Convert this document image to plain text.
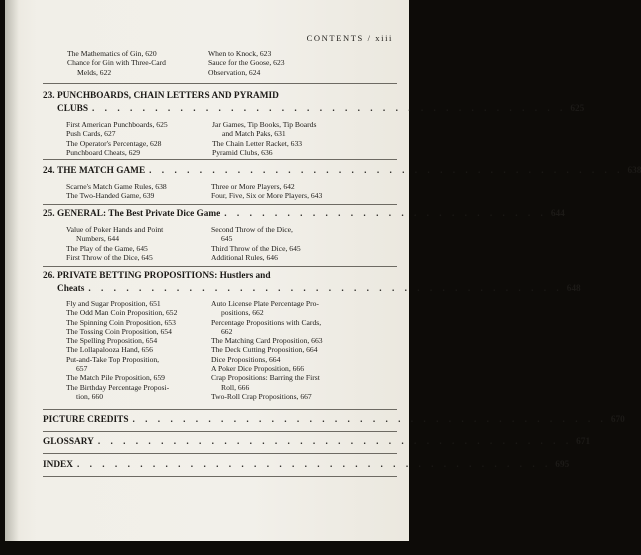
CONTENTS / xiii
The Mathematics of Gin, 620
Chance for Gin with Three-Card
Melds, 622
When to Knock, 623
Sauce for the Goose, 623
Observation, 624
23. PUNCHBOARDS, CHAIN LETTERS AND PYRAMID
CLUBS . . . . . . . . . . . . . . . . . . . . . . . . . . . . . . . . . . . . . . 625
First American Punchboards, 625
Push Cards, 627
The Operator's Percentage, 628
Punchboard Cheats, 629
Jar Games, Tip Books, Tip Boards
and Match Paks, 631
The Chain Letter Racket, 633
Pyramid Clubs, 636
24. THE MATCH GAME . . . . . . . . . . . . . . . . . . . . . . . . . . . . . . . . . . . . . . 638
Scarne's Match Game Rules, 638
The Two-Handed Game, 639
Three or More Players, 642
Four, Five, Six or More Players, 643
25. GENERAL: The Best Private Dice Game . . . . . . . . . . . . . . . . . . . . . . . . . . 644
Value of Poker Hands and Point
Numbers, 644
The Play of the Game, 645
First Throw of the Dice, 645
Second Throw of the Dice,
645
Third Throw of the Dice, 645
Additional Rules, 646
26. PRIVATE BETTING PROPOSITIONS: Hustlers and
Cheats . . . . . . . . . . . . . . . . . . . . . . . . . . . . . . . . . . . . . . 648
Fly and Sugar Proposition, 651
The Odd Man Coin Proposition, 652
The Spinning Coin Proposition, 653
The Tossing Coin Proposition, 654
The Spelling Proposition, 654
The Lollapalooza Hand, 656
Put-and-Take Top Proposition,
657
The Match Pile Proposition, 659
The Birthday Percentage Proposi-
tion, 660
Auto License Plate Percentage Pro-
positions, 662
Percentage Propositions with Cards,
662
The Matching Card Proposition, 663
The Deck Cutting Proposition, 664
Dice Propositions, 664
A Poker Dice Proposition, 666
Crap Propositions: Barring the First
Roll, 666
Two-Roll Crap Propositions, 667
PICTURE CREDITS . . . . . . . . . . . . . . . . . . . . . . . . . . . . . . . . . . . . . . 670
GLOSSARY . . . . . . . . . . . . . . . . . . . . . . . . . . . . . . . . . . . . . . 671
INDEX . . . . . . . . . . . . . . . . . . . . . . . . . . . . . . . . . . . . . . 695
